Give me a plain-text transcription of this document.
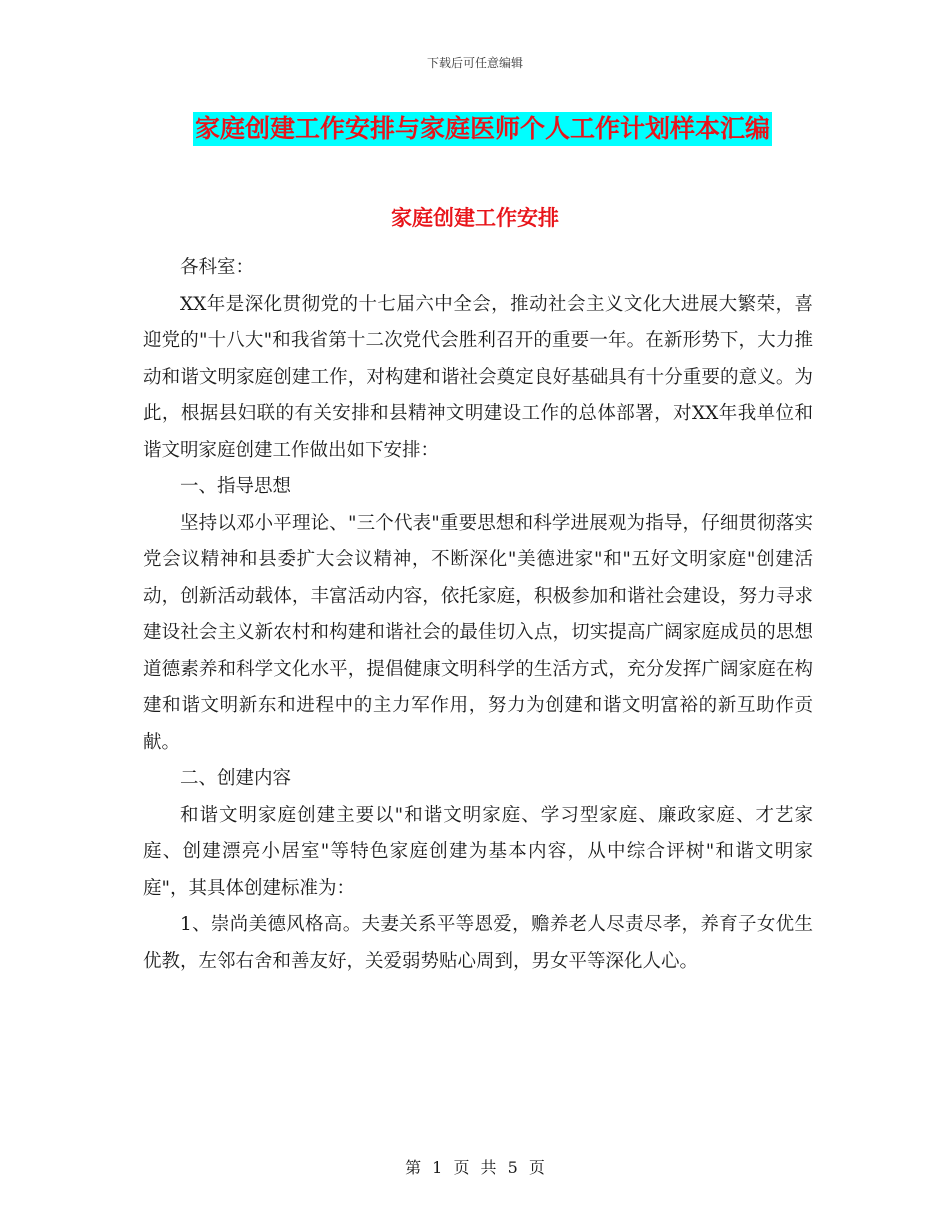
下载后可任意编辑
家庭创建工作安排与家庭医师个人工作计划样本汇编
家庭创建工作安排

各科室：

XX年是深化贯彻党的十七届六中全会，推动社会主义文化大进展大繁荣，喜迎党的"十八大"和我省第十二次党代会胜利召开的重要一年。在新形势下，大力推动和谐文明家庭创建工作，对构建和谐社会奠定良好基础具有十分重要的意义。为此，根据县妇联的有关安排和县精神文明建设工作的总体部署，对XX年我单位和谐文明家庭创建工作做出如下安排：

一、指导思想

坚持以邓小平理论、"三个代表"重要思想和科学进展观为指导，仔细贯彻落实党会议精神和县委扩大会议精神，不断深化"美德进家"和"五好文明家庭"创建活动，创新活动载体，丰富活动内容，依托家庭，积极参加和谐社会建设，努力寻求建设社会主义新农村和构建和谐社会的最佳切入点，切实提高广阔家庭成员的思想道德素养和科学文化水平，提倡健康文明科学的生活方式，充分发挥广阔家庭在构建和谐文明新东和进程中的主力军作用，努力为创建和谐文明富裕的新互助作贡献。

二、创建内容

和谐文明家庭创建主要以"和谐文明家庭、学习型家庭、廉政家庭、才艺家庭、创建漂亮小居室"等特色家庭创建为基本内容，从中综合评树"和谐文明家庭"，其具体创建标准为：

1、崇尚美德风格高。夫妻关系平等恩爱，赡养老人尽责尽孝，养育子女优生优教，左邻右舍和善友好，关爱弱势贴心周到，男女平等深化人心。

第 1 页 共 5 页
